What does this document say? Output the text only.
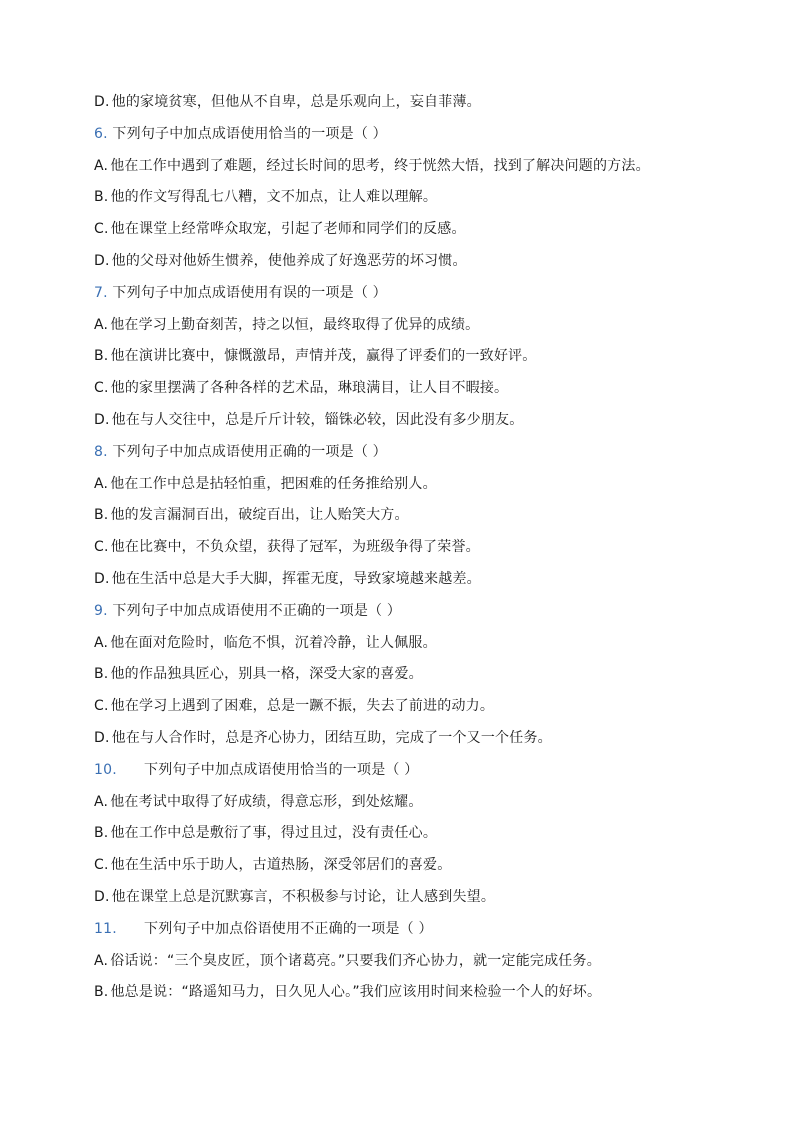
D. 他的家境贫寒，但他从不自卑，总是乐观向上，妄自菲薄。
6. 下列句子中加点成语使用恰当的一项是（ ）
A. 他在工作中遇到了难题，经过长时间的思考，终于恍然大悟，找到了解决问题的方法。
B. 他的作文写得乱七八糟，文不加点，让人难以理解。
C. 他在课堂上经常哗众取宠，引起了老师和同学们的反感。
D. 他的父母对他娇生惯养，使他养成了好逸恶劳的坏习惯。
7. 下列句子中加点成语使用有误的一项是（ ）
A. 他在学习上勤奋刻苦，持之以恒，最终取得了优异的成绩。
B. 他在演讲比赛中，慷慨激昂，声情并茂，赢得了评委们的一致好评。
C. 他的家里摆满了各种各样的艺术品，琳琅满目，让人目不暇接。
D. 他在与人交往中，总是斤斤计较，锱铢必较，因此没有多少朋友。
8. 下列句子中加点成语使用正确的一项是（ ）
A. 他在工作中总是拈轻怕重，把困难的任务推给别人。
B. 他的发言漏洞百出，破绽百出，让人贻笑大方。
C. 他在比赛中，不负众望，获得了冠军，为班级争得了荣誉。
D. 他在生活中总是大手大脚，挥霍无度，导致家境越来越差。
9. 下列句子中加点成语使用不正确的一项是（ ）
A. 他在面对危险时，临危不惧，沉着冷静，让人佩服。
B. 他的作品独具匠心，别具一格，深受大家的喜爱。
C. 他在学习上遇到了困难，总是一蹶不振，失去了前进的动力。
D. 他在与人合作时，总是齐心协力，团结互助，完成了一个又一个任务。
10. 下列句子中加点成语使用恰当的一项是（ ）
A. 他在考试中取得了好成绩，得意忘形，到处炫耀。
B. 他在工作中总是敷衍了事，得过且过，没有责任心。
C. 他在生活中乐于助人，古道热肠，深受邻居们的喜爱。
D. 他在课堂上总是沉默寡言，不积极参与讨论，让人感到失望。
11. 下列句子中加点俗语使用不正确的一项是（ ）
A. 俗话说：“三个臭皮匠，顶个诸葛亮。”只要我们齐心协力，就一定能完成任务。
B. 他总是说：“路遥知马力，日久见人心。”我们应该用时间来检验一个人的好坏。
